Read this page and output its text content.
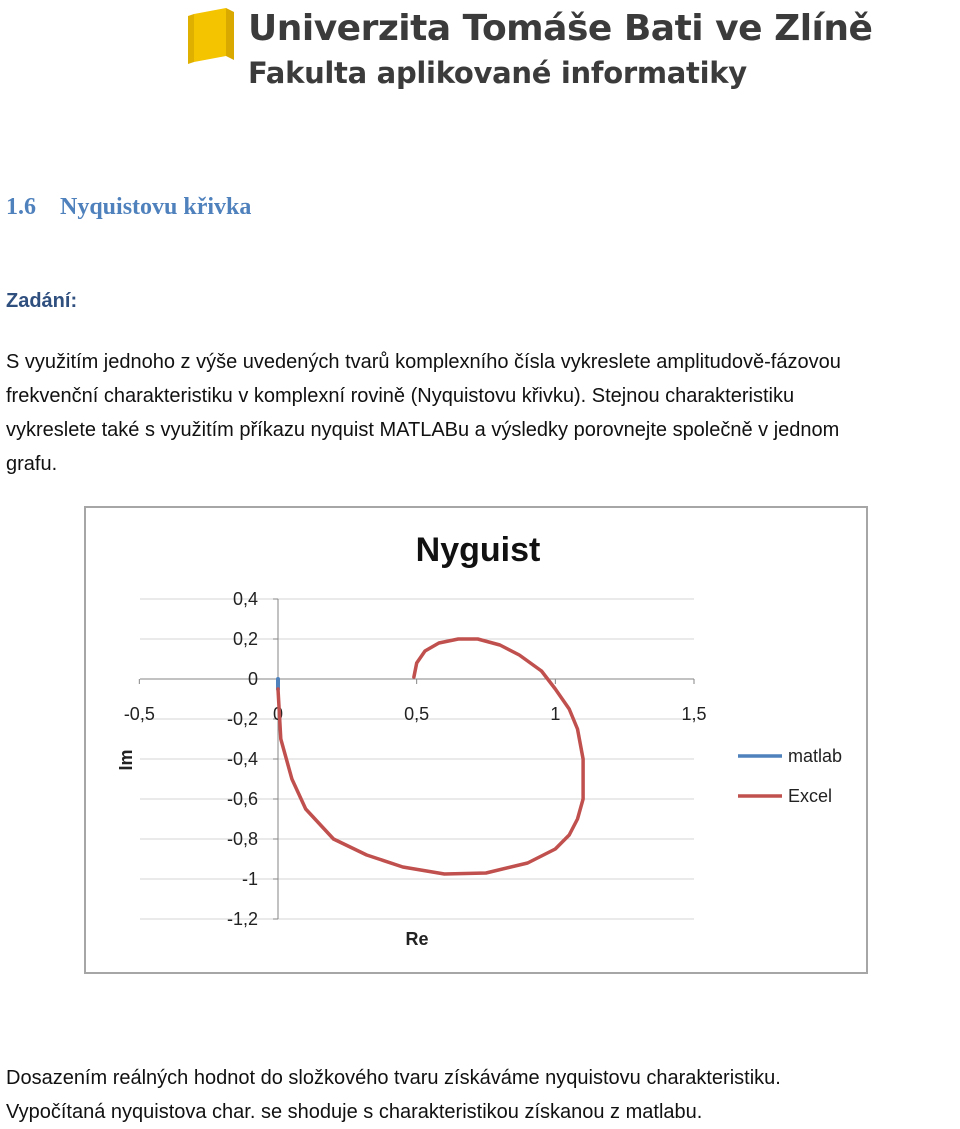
Univerzita Tomáše Bati ve Zlíně
Fakulta aplikované informatiky
1.6 Nyquistovu křivka
Zadání:
S využitím jednoho z výše uvedených tvarů komplexního čísla vykreslete amplitudově-fázovou
frekvenční charakteristiku v komplexní rovině (Nyquistovu křivku). Stejnou charakteristiku
vykreslete také s využitím příkazu nyquist MATLABu a výsledky porovnejte společně v jednom
grafu.
0,4
0,2
0
-0,2
-0,4
-0,6
-0,8
-1
-1,2
-0,5	0	0,5	1	1,5
matlab
Excel
Nyguist
Re
Im
Dosazením reálných hodnot do složkového tvaru získáváme nyquistovu charakteristiku.
Vypočítaná nyquistova char. se shoduje s charakteristikou získanou z matlabu.
